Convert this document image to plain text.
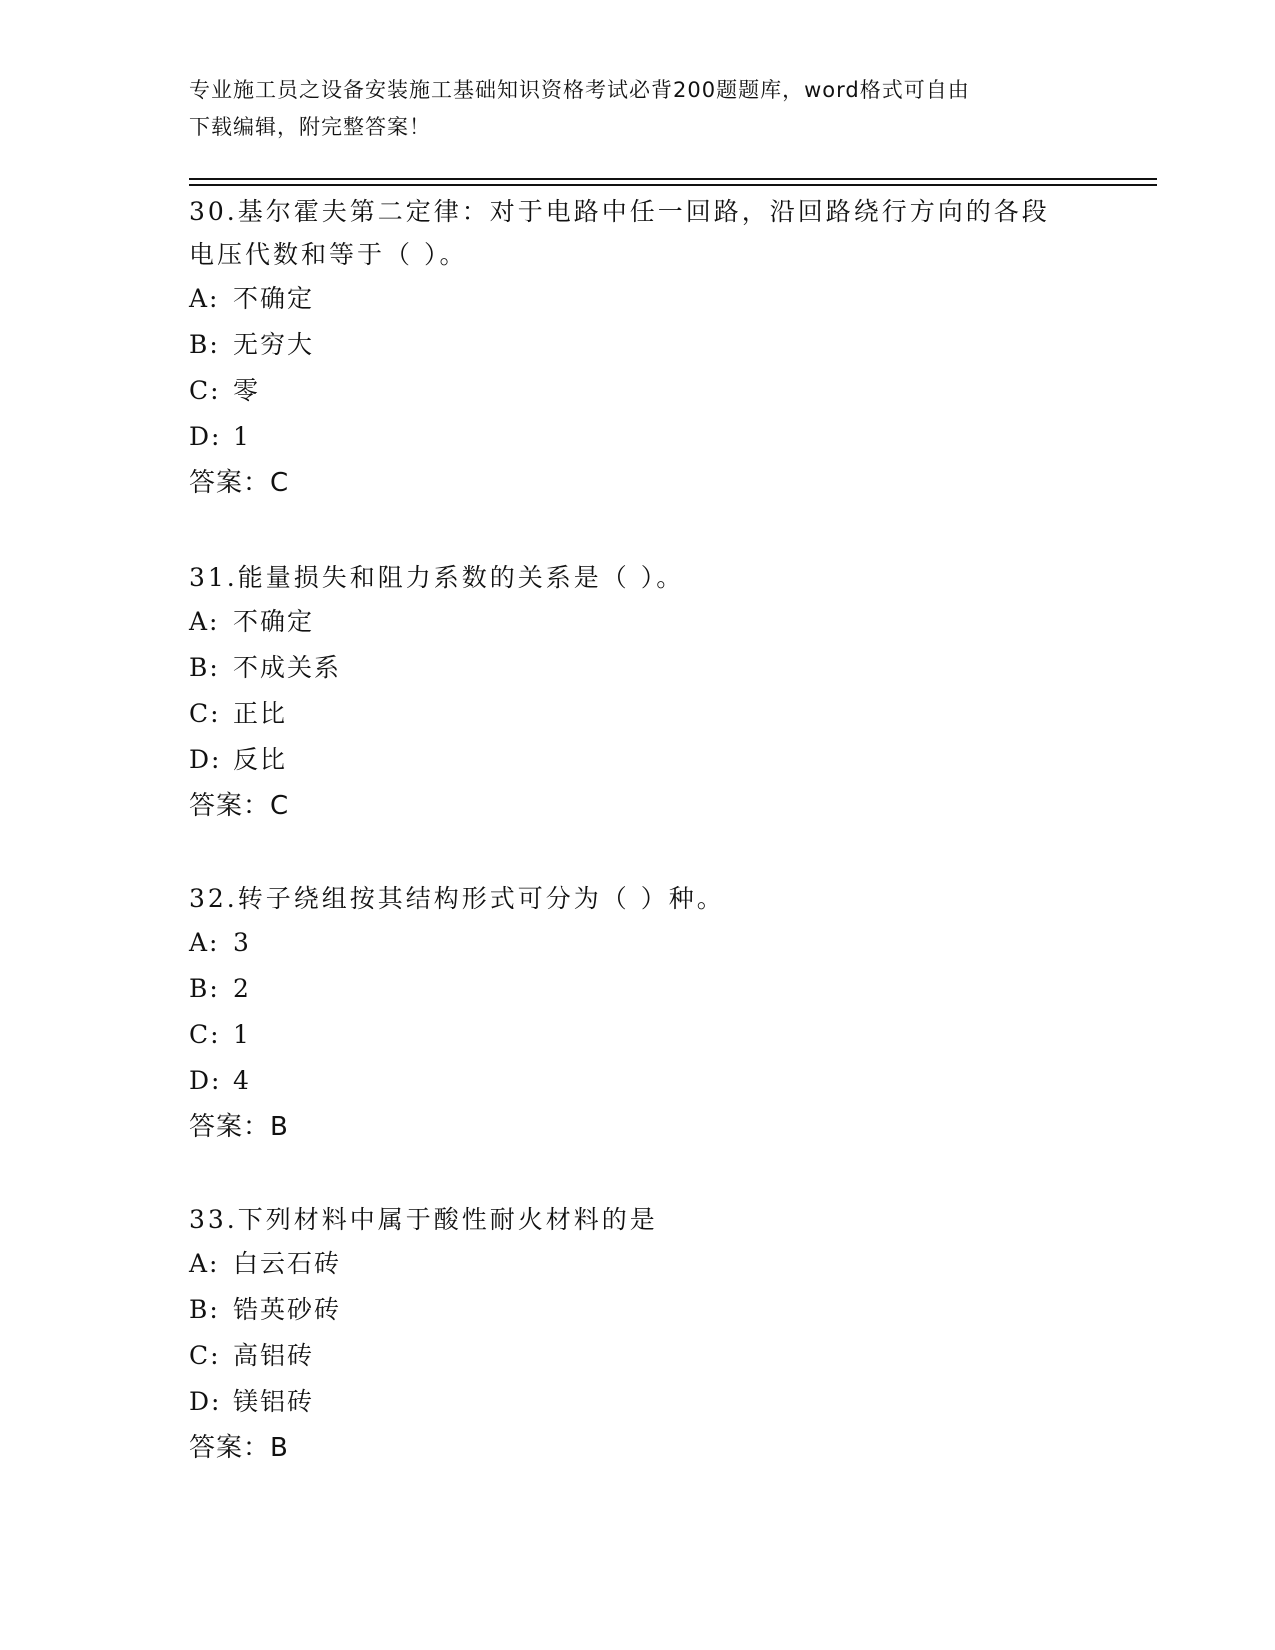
专业施工员之设备安装施工基础知识资格考试必背200题题库，word格式可自由
下载编辑，附完整答案！
30.基尔霍夫第二定律：对于电路中任一回路，沿回路绕行方向的各段
电压代数和等于（ ）。
A: 不确定
B: 无穷大
C: 零
D: 1
答案：C
31.能量损失和阻力系数的关系是（ ）。
A: 不确定
B: 不成关系
C: 正比
D: 反比
答案：C
32.转子绕组按其结构形式可分为（ ）种。
A: 3
B: 2
C: 1
D: 4
答案：B
33.下列材料中属于酸性耐火材料的是
A: 白云石砖
B: 锆英砂砖
C: 高铝砖
D: 镁铝砖
答案：B
